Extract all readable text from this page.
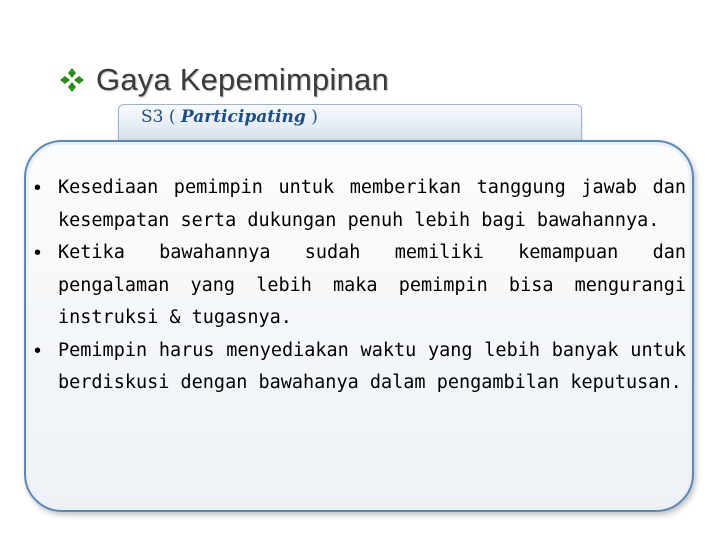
Gaya Kepemimpinan
S3 ( Participating )
• Kesediaan pemimpin untuk memberikan tanggung jawab dan kesempatan serta dukungan penuh lebih bagi bawahannya.
• Ketika bawahannya sudah memiliki kemampuan dan pengalaman yang lebih maka pemimpin bisa mengurangi instruksi & tugasnya.
• Pemimpin harus menyediakan waktu yang lebih banyak untuk berdiskusi dengan bawahanya dalam pengambilan keputusan.
